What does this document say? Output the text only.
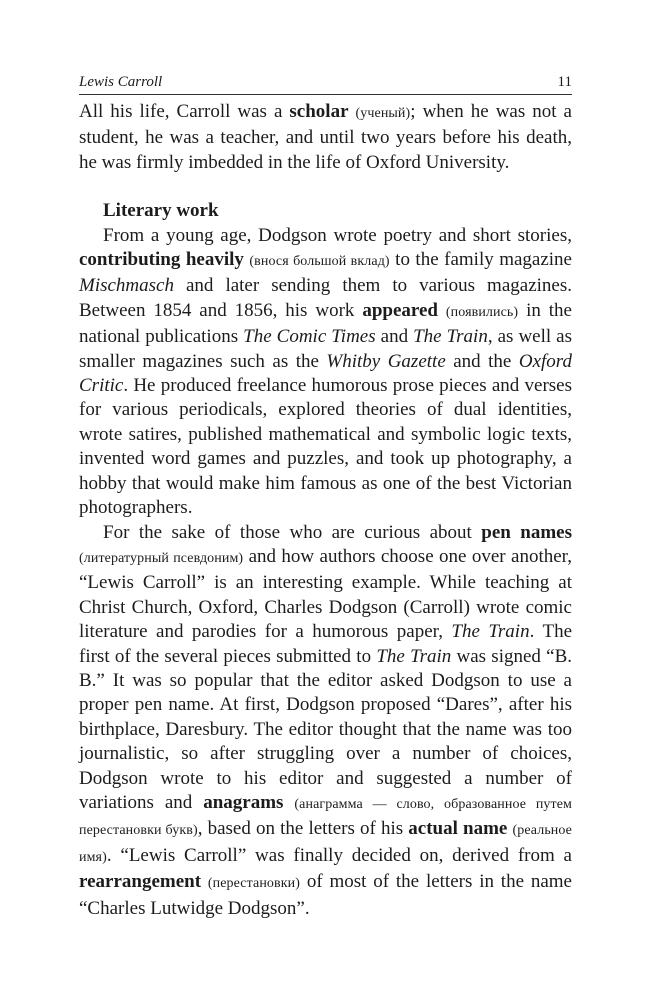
Lewis Carroll	11

All his life, Carroll was a scholar (ученый); when he was not a student, he was a teacher, and until two years before his death, he was firmly imbedded in the life of Oxford University.

Literary work

From a young age, Dodgson wrote poetry and short stories, contributing heavily (внося большой вклад) to the family magazine Mischmasch and later sending them to various magazines. Between 1854 and 1856, his work appeared (появились) in the national publications The Comic Times and The Train, as well as smaller magazines such as the Whitby Gazette and the Oxford Critic. He produced freelance humorous prose pieces and verses for various periodicals, explored theories of dual identities, wrote satires, published mathematical and symbolic logic texts, invented word games and puzzles, and took up photography, a hobby that would make him famous as one of the best Victorian photographers.

For the sake of those who are curious about pen names (литературный псевдоним) and how authors choose one over another, “Lewis Carroll” is an interesting example. While teaching at Christ Church, Oxford, Charles Dodgson (Carroll) wrote comic literature and parodies for a humorous paper, The Train. The first of the several pieces submitted to The Train was signed “B. B.” It was so popular that the editor asked Dodgson to use a proper pen name. At first, Dodgson proposed “Dares”, after his birthplace, Daresbury. The editor thought that the name was too journalistic, so after struggling over a number of choices, Dodgson wrote to his editor and suggested a number of variations and anagrams (анаграмма — слово, образованное путем перестановки букв), based on the letters of his actual name (реальное имя). “Lewis Carroll” was finally decided on, derived from a rearrangement (перестановки) of most of the letters in the name “Charles Lutwidge Dodgson”.
